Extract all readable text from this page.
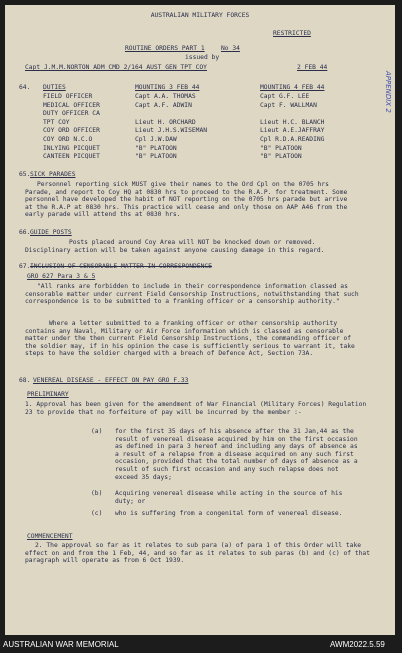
AUSTRALIAN MILITARY FORCES
RESTRICTED
ROUTINE ORDERS PART 1	No 34
issued by
Capt J.M.M.NORTON ADM CMD 2/164 AUST GEN TPT COY	2 FEB 44
APPENDIX 2
64. DUTIES	MOUNTING 3 FEB 44	MOUNTING 4 FEB 44
65. SICK PARADES
Personnel reporting sick MUST give their names to the Ord Cpl on the 0705 hrs Parade, and report to Coy HQ at 0830 hrs to proceed to the R.A.P. for treatment. Some personnel have developed the habit of NOT reporting on the 0705 hrs parade but arrive at the R.A.P at 0830 hrs. This practice will cease and only those on AAP A46 from the early parade will attend ths at 0830 hrs.
66. GUIDE POSTS
Posts placed around Coy Area will NOT be knocked down or removed. Disciplinary action will be taken against anyone causing damage in this regard.
67. INCLUSION OF CENSORABLE MATTER IN CORRESPONDENCE
GRO 627 Para 3 & 5
"All ranks are forbidden to include in their correspondence information classed as censorable matter under current Field Censorship Instructions, notwithstanding that such correspondence is to be submitted to a franking officer or a censorship authority."
Where a letter submitted to a franking officer or other censorship authority contains any Naval, Military or Air Force information which is classed as censorable matter under the then current Field Censorship Instructions, the commanding officer of the soldier may, if in his opinion the case is sufficiently serious to warrant it, take steps to have the soldier charged with a breach of Defence Act, Section 73A.
68. VENEREAL DISEASE - EFFECT ON PAY GRO F.33
PRELIMINARY
1. Approval has been given for the amendment of War Financial (Military Forces) Regulation 23 to provide that no forfeiture of pay will be incurred by the member :-
(a) for the first 35 days of his absence after the 31 Jan,44 as the result of venereal disease acquired by him on the first occasion as defined in para 3 hereof and including any days of absence as a result of a relapse from a disease acquired on any such first occasion, provided that the total number of days of absence as a result of such first occasion and any such relapse does not exceed 35 days;
(b) Acquiring venereal disease while acting in the source of his duty; or
(c) who is suffering from a congenital form of venereal disease.
COMMENCEMENT
2. The approval so far as it relates to sub para (a) of para 1 of this Order will take effect on and from the 1 Feb, 44, and so far as it relates to sub paras (b) and (c) of that paragraph will operate as from 6 Oct 1939.
FIELD OFFICER	Capt A.A. THOMAS	Capt G.F. LEE
MEDICAL OFFICER	Capt A.F. ADWIN	Capt F. WALLMAN
DUTY OFFICER CA
TPT COY	Lieut H. ORCHARD	Lieut H.C. BLANCH
COY ORD OFFICER	Lieut J.H.S.WISEMAN	Lieut A.E.JAFFRAY
COY ORD N.C.O	Cpl J.W.DAW	Cpl R.D.A.READING
INLYING PICQUET	"B" PLATOON	"B" PLATOON
CANTEEN PICQUET	"B" PLATOON	"B" PLATOON
AUSTRALIAN WAR MEMORIAL	AWM2022.5.59
